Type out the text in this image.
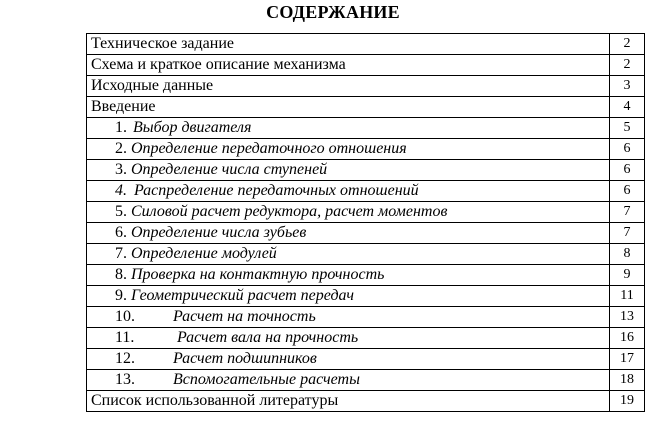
СОДЕРЖАНИЕ
Техническое задание	2
Схема и краткое описание механизма	2
Исходные данные	3
Введение	4
1. Выбор двигателя	5
2. Определение передаточного отношения	6
3. Определение числа ступеней	6
4. Распределение передаточных отношений	6
5. Силовой расчет редуктора, расчет моментов	7
6. Определение числа зубьев	7
7. Определение модулей	8
8. Проверка на контактную прочность	9
9. Геометрический расчет передач	11
10. Расчет на точность	13
11. Расчет вала на прочность	16
12. Расчет подшипников	17
13. Вспомогательные расчеты	18
Список использованной литературы	19
